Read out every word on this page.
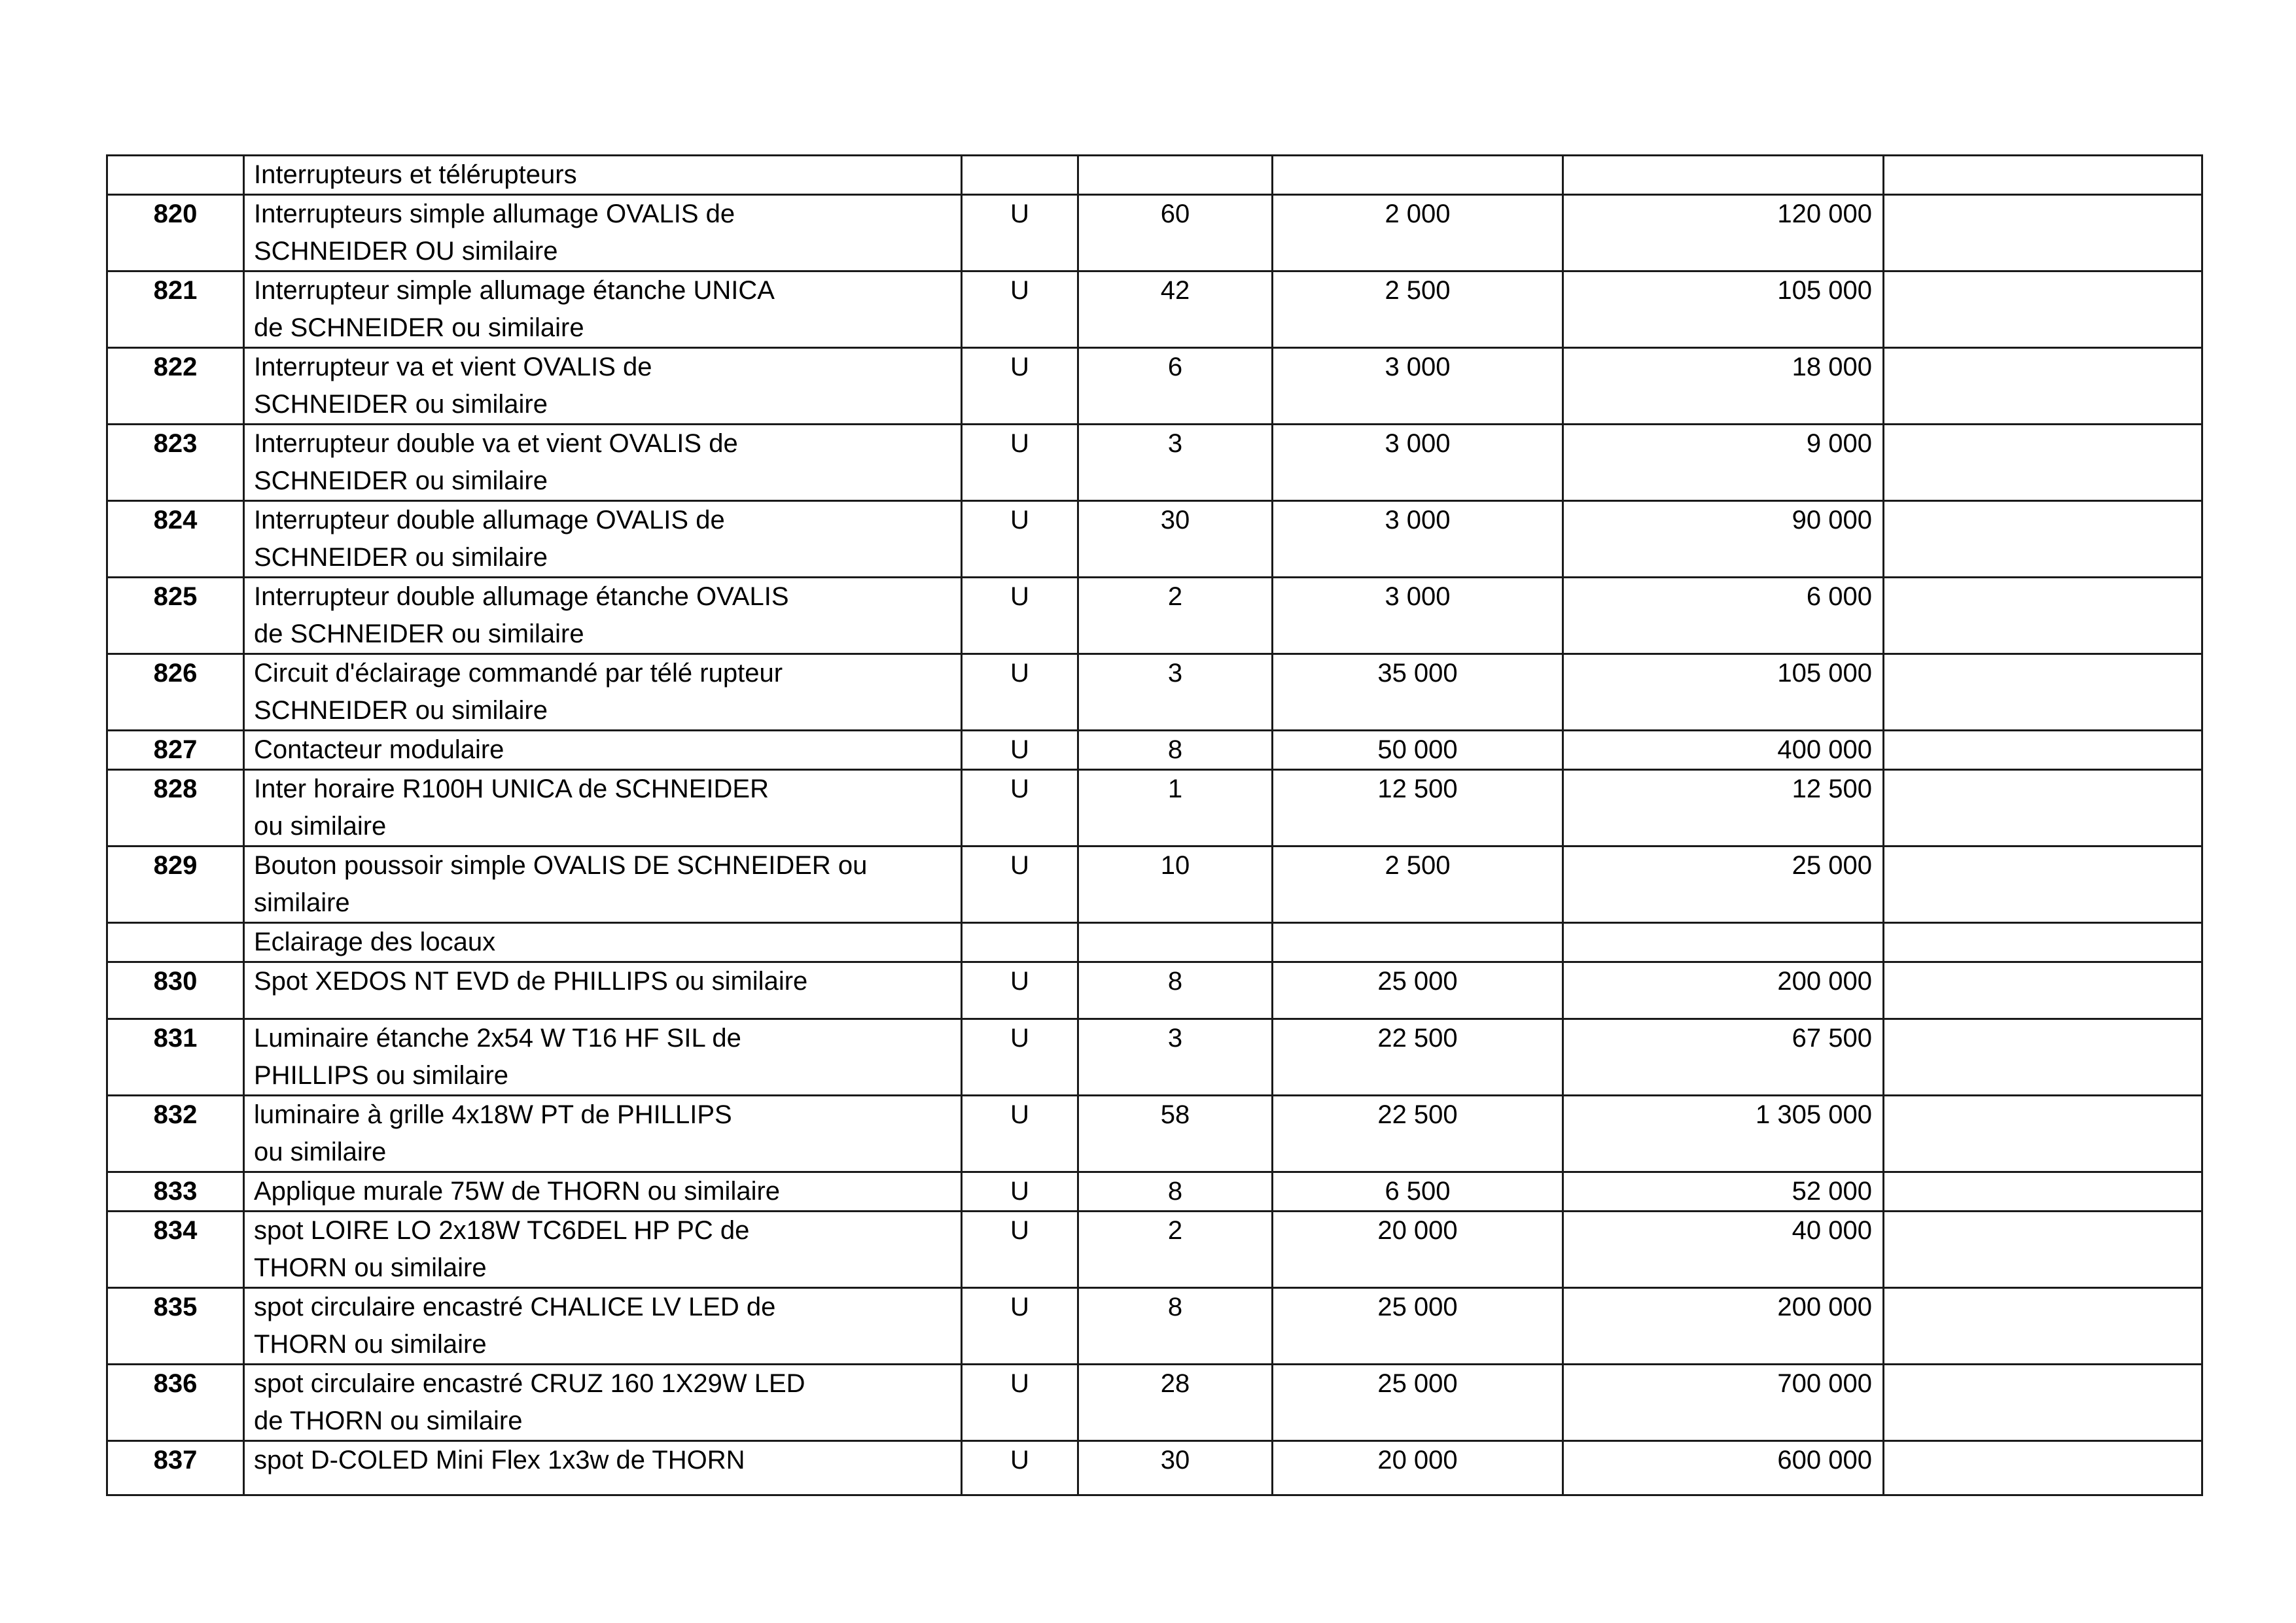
	Interrupteurs et télérupteurs					

820	Interrupteurs simple allumage OVALIS de
SCHNEIDER OU similaire	U	60	2 000	120 000	
821	Interrupteur simple allumage étanche UNICA
de SCHNEIDER ou similaire	U	42	2 500	105 000	
822	Interrupteur va et vient OVALIS de
SCHNEIDER ou similaire	U	6	3 000	18 000	
823	Interrupteur double va et vient OVALIS de
SCHNEIDER ou similaire	U	3	3 000	9 000	
824	Interrupteur double allumage OVALIS de
SCHNEIDER ou similaire	U	30	3 000	90 000	
825	Interrupteur double allumage étanche OVALIS
de SCHNEIDER ou similaire	U	2	3 000	6 000	
826	Circuit d'éclairage commandé par télé rupteur
SCHNEIDER ou similaire	U	3	35 000	105 000	
827	Contacteur modulaire	U	8	50 000	400 000	
828	Inter horaire R100H UNICA de SCHNEIDER
ou similaire	U	1	12 500	12 500	
829	Bouton poussoir simple OVALIS DE SCHNEIDER ou
similaire	U	10	2 500	25 000	

	Eclairage des locaux					

830	Spot XEDOS NT EVD de PHILLIPS ou similaire	U	8	25 000	200 000	
831	Luminaire étanche 2x54 W T16 HF SIL de
PHILLIPS ou similaire	U	3	22 500	67 500	
832	luminaire à grille 4x18W PT de PHILLIPS
ou similaire	U	58	22 500	1 305 000	
833	Applique murale 75W de THORN ou similaire	U	8	6 500	52 000	
834	spot LOIRE LO 2x18W TC6DEL HP PC de
THORN ou similaire	U	2	20 000	40 000	
835	spot circulaire encastré CHALICE LV LED de
THORN ou similaire	U	8	25 000	200 000	
836	spot circulaire encastré CRUZ 160 1X29W LED
de THORN ou similaire	U	28	25 000	700 000	
837	spot D-COLED Mini Flex 1x3w de THORN	U	30	20 000	600 000	
